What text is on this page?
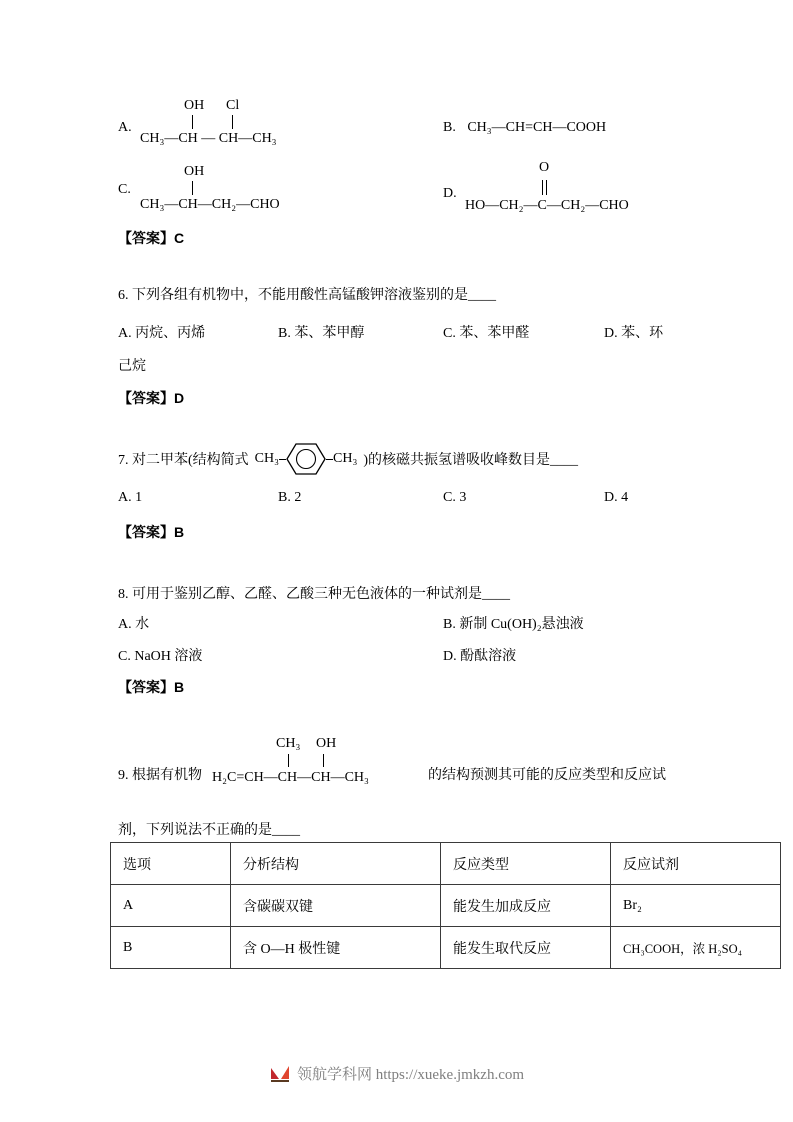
A.
OH Cl
CH₃—CH — CH—CH₃
B. CH₃—CH=CH—COOH
C.
OH
CH₃—CH—CH₂—CHO
D.
O
HO—CH₂—C—CH₂—CHO
【答案】C
6. 下列各组有机物中，不能用酸性高锰酸钾溶液鉴别的是____
A. 丙烷、丙烯	B. 苯、苯甲醇	C. 苯、苯甲醛	D. 苯、环
己烷
【答案】D
7. 对二甲苯(结构简式 CH₃	CH₃ )的核磁共振氢谱吸收峰数目是____
A. 1	B. 2	C. 3	D. 4
【答案】B
8. 可用于鉴别乙醇、乙醛、乙酸三种无色液体的一种试剂是____
A. 水	B. 新制 Cu(OH)₂悬浊液
C. NaOH 溶液	D. 酚酞溶液
【答案】B
9. 根据有机物
CH₃ OH
H₂C=CH—CH—CH—CH₃	的结构预测其可能的反应类型和反应试
剂，下列说法不正确的是____
选项	分析结构	反应类型	反应试剂
A	含碳碳双键	能发生加成反应	Br₂
B	含 O—H 极性键	能发生取代反应	CH₃COOH，浓 H₂SO₄
领航学科网 https://xueke.jmkzh.com
